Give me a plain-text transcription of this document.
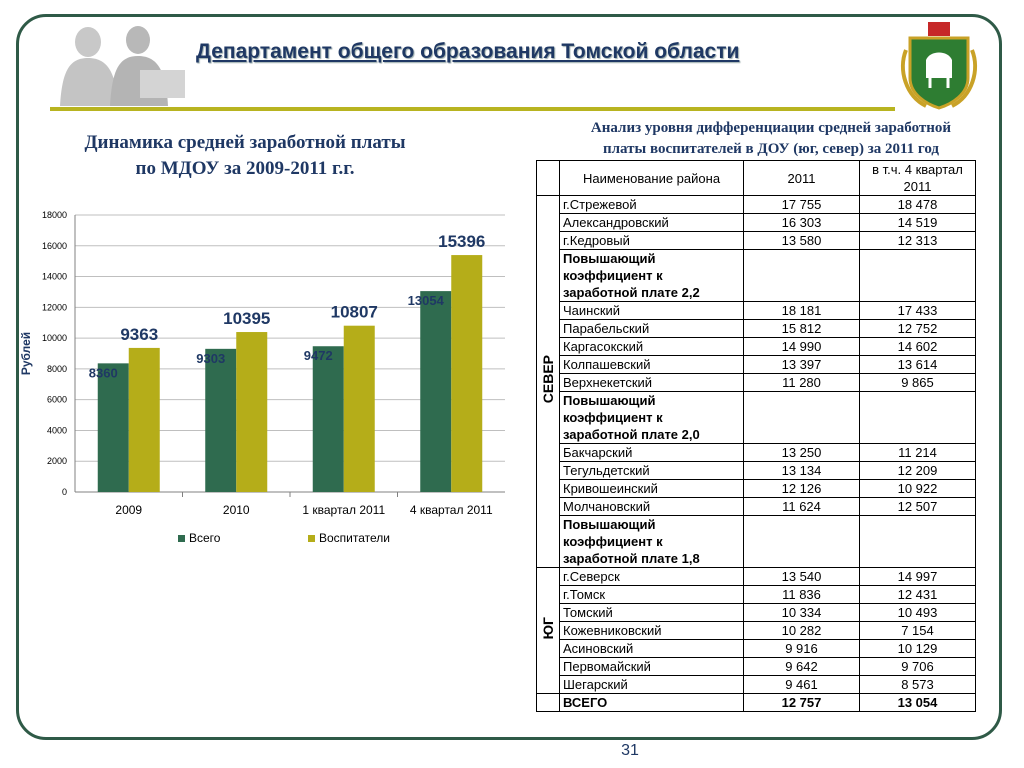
Департамент общего образования Томской области
Динамика средней заработной платы
по МДОУ за 2009-2011 г.г.
Анализ уровня дифференциации средней заработной
платы воспитателей в ДОУ (юг, север) за 2011 год
0
2000
4000
6000
8000
10000
12000
14000
16000
18000
2009
8360
9363
2010
9303
10395
1 квартал 2011
9472
10807
4 квартал 2011
13054
15396
Рублей
Всего	Воспитатели
	Наименование района	2011	в т.ч. 4 квартал 2011
СЕВЕР	г.Стрежевой	17 755	18 478
	Александровский	16 303	14 519
	г.Кедровый	13 580	12 313
	Повышающий коэффициент к заработной плате 2,2		
	Чаинский	18 181	17 433
	Парабельский	15 812	12 752
	Каргасокский	14 990	14 602
	Колпашевский	13 397	13 614
	Верхнекетский	11 280	9 865
	Повышающий коэффициент к заработной плате 2,0		
	Бакчарский	13 250	11 214
	Тегульдетский	13 134	12 209
	Кривошеинский	12 126	10 922
	Молчановский	11 624	12 507
	Повышающий коэффициент к заработной плате 1,8		
ЮГ	г.Северск	13 540	14 997
	г.Томск	11 836	12 431
	Томский	10 334	10 493
	Кожевниковский	10 282	7 154
	Асиновский	9 916	10 129
	Первомайский	9 642	9 706
	Шегарский	9 461	8 573
	ВСЕГО	12 757	13 054
31
